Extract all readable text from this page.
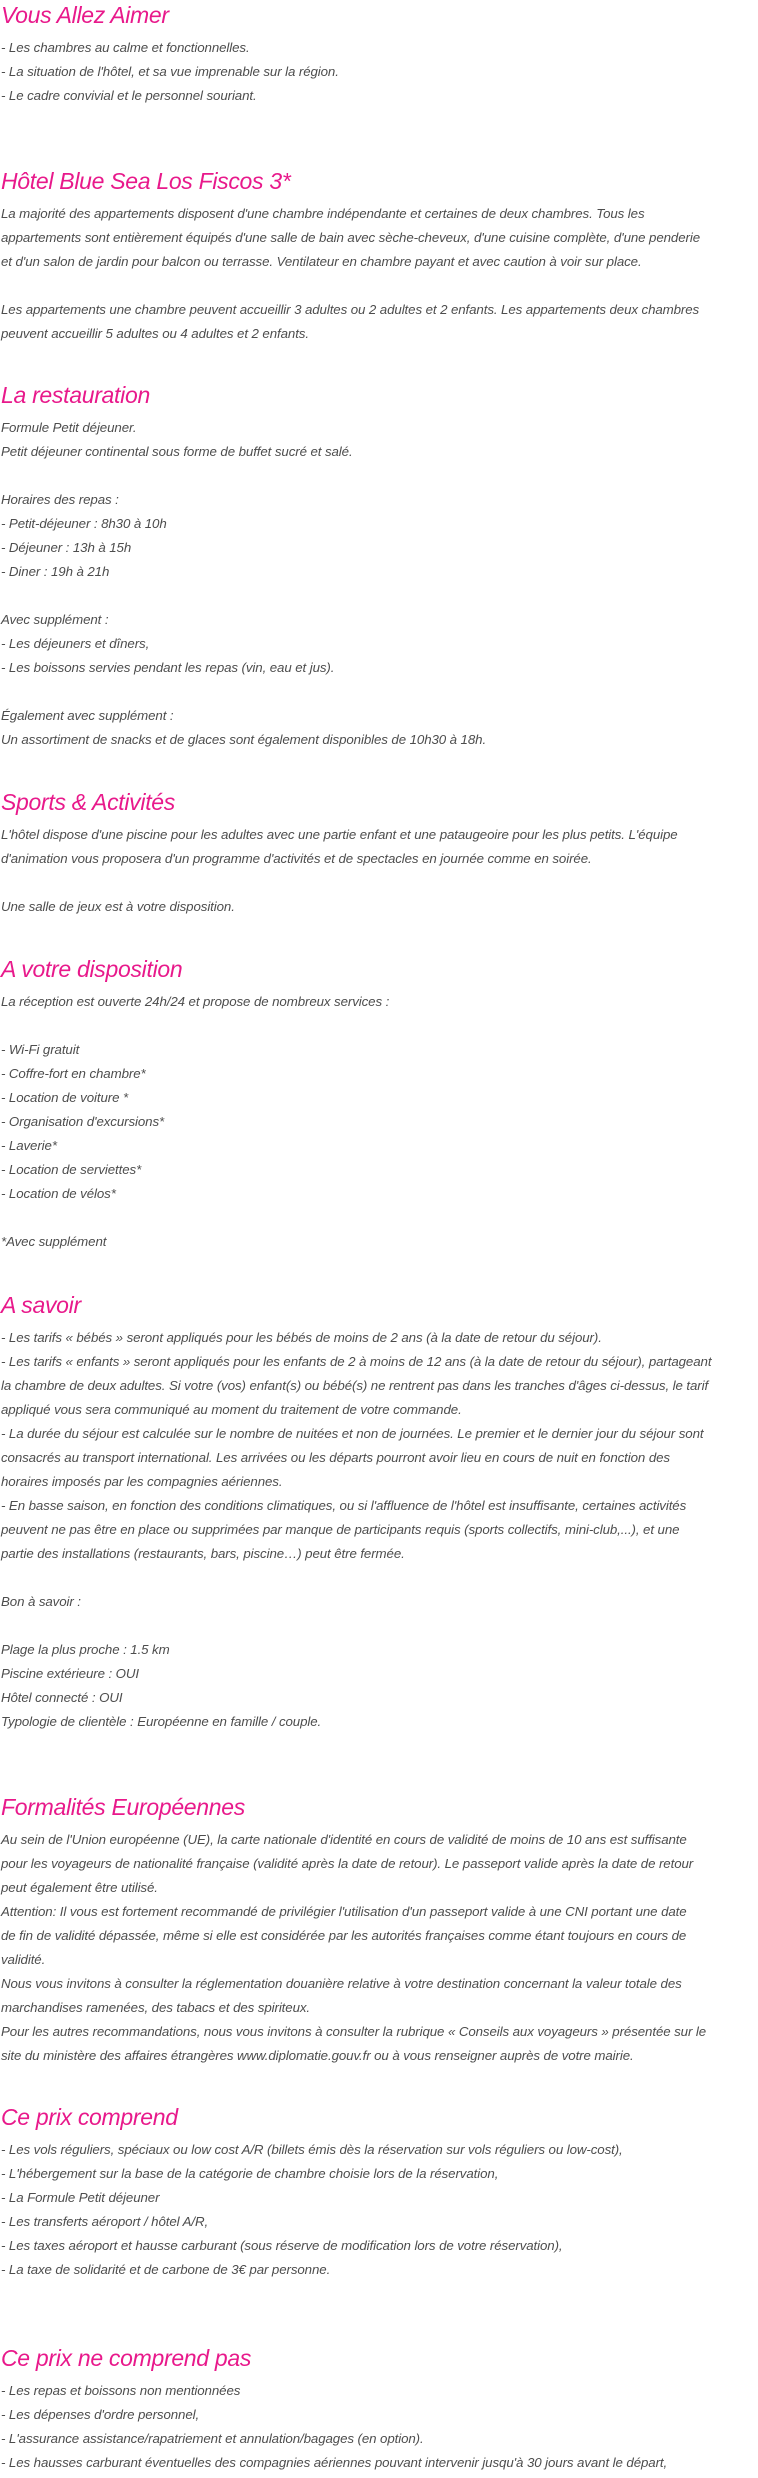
Vous Allez Aimer
- Les chambres au calme et fonctionnelles.
- La situation de l'hôtel, et sa vue imprenable sur la région.
- Le cadre convivial et le personnel souriant.
Hôtel Blue Sea Los Fiscos 3*
La majorité des appartements disposent d'une chambre indépendante et certaines de deux chambres. Tous les
appartements sont entièrement équipés d'une salle de bain avec sèche-cheveux, d'une cuisine complète, d'une penderie
et d'un salon de jardin pour balcon ou terrasse. Ventilateur en chambre payant et avec caution à voir sur place.
Les appartements une chambre peuvent accueillir 3 adultes ou 2 adultes et 2 enfants. Les appartements deux chambres
peuvent accueillir 5 adultes ou 4 adultes et 2 enfants.
La restauration
Formule Petit déjeuner.
Petit déjeuner continental sous forme de buffet sucré et salé.
Horaires des repas :
- Petit-déjeuner : 8h30 à 10h
- Déjeuner : 13h à 15h
- Diner : 19h à 21h
Avec supplément :
- Les déjeuners et dîners,
- Les boissons servies pendant les repas (vin, eau et jus).
Également avec supplément :
Un assortiment de snacks et de glaces sont également disponibles de 10h30 à 18h.
Sports & Activités
L'hôtel dispose d'une piscine pour les adultes avec une partie enfant et une pataugeoire pour les plus petits. L'équipe
d'animation vous proposera d'un programme d'activités et de spectacles en journée comme en soirée.
Une salle de jeux est à votre disposition.
A votre disposition
La réception est ouverte 24h/24 et propose de nombreux services :
- Wi-Fi gratuit
- Coffre-fort en chambre*
- Location de voiture *
- Organisation d'excursions*
- Laverie*
- Location de serviettes*
- Location de vélos*
*Avec supplément
A savoir
- Les tarifs « bébés » seront appliqués pour les bébés de moins de 2 ans (à la date de retour du séjour).
- Les tarifs « enfants » seront appliqués pour les enfants de 2 à moins de 12 ans (à la date de retour du séjour), partageant
la chambre de deux adultes. Si votre (vos) enfant(s) ou bébé(s) ne rentrent pas dans les tranches d'âges ci-dessus, le tarif
appliqué vous sera communiqué au moment du traitement de votre commande.
- La durée du séjour est calculée sur le nombre de nuitées et non de journées. Le premier et le dernier jour du séjour sont
consacrés au transport international. Les arrivées ou les départs pourront avoir lieu en cours de nuit en fonction des
horaires imposés par les compagnies aériennes.
- En basse saison, en fonction des conditions climatiques, ou si l'affluence de l'hôtel est insuffisante, certaines activités
peuvent ne pas être en place ou supprimées par manque de participants requis (sports collectifs, mini-club,...), et une
partie des installations (restaurants, bars, piscine…) peut être fermée.
Bon à savoir :
Plage la plus proche : 1.5 km
Piscine extérieure : OUI
Hôtel connecté : OUI
Typologie de clientèle : Européenne en famille / couple.
Formalités Européennes
Au sein de l'Union européenne (UE), la carte nationale d'identité en cours de validité de moins de 10 ans est suffisante
pour les voyageurs de nationalité française (validité après la date de retour). Le passeport valide après la date de retour
peut également être utilisé.
Attention: Il vous est fortement recommandé de privilégier l'utilisation d'un passeport valide à une CNI portant une date
de fin de validité dépassée, même si elle est considérée par les autorités françaises comme étant toujours en cours de
validité.
Nous vous invitons à consulter la réglementation douanière relative à votre destination concernant la valeur totale des
marchandises ramenées, des tabacs et des spiriteux.
Pour les autres recommandations, nous vous invitons à consulter la rubrique « Conseils aux voyageurs » présentée sur le
site du ministère des affaires étrangères www.diplomatie.gouv.fr ou à vous renseigner auprès de votre mairie.
Ce prix comprend
- Les vols réguliers, spéciaux ou low cost A/R (billets émis dès la réservation sur vols réguliers ou low-cost),
- L'hébergement sur la base de la catégorie de chambre choisie lors de la réservation,
- La Formule Petit déjeuner
- Les transferts aéroport / hôtel A/R,
- Les taxes aéroport et hausse carburant (sous réserve de modification lors de votre réservation),
- La taxe de solidarité et de carbone de 3€ par personne.
Ce prix ne comprend pas
- Les repas et boissons non mentionnées
- Les dépenses d'ordre personnel,
- L'assurance assistance/rapatriement et annulation/bagages (en option).
- Les hausses carburant éventuelles des compagnies aériennes pouvant intervenir jusqu'à 30 jours avant le départ,
